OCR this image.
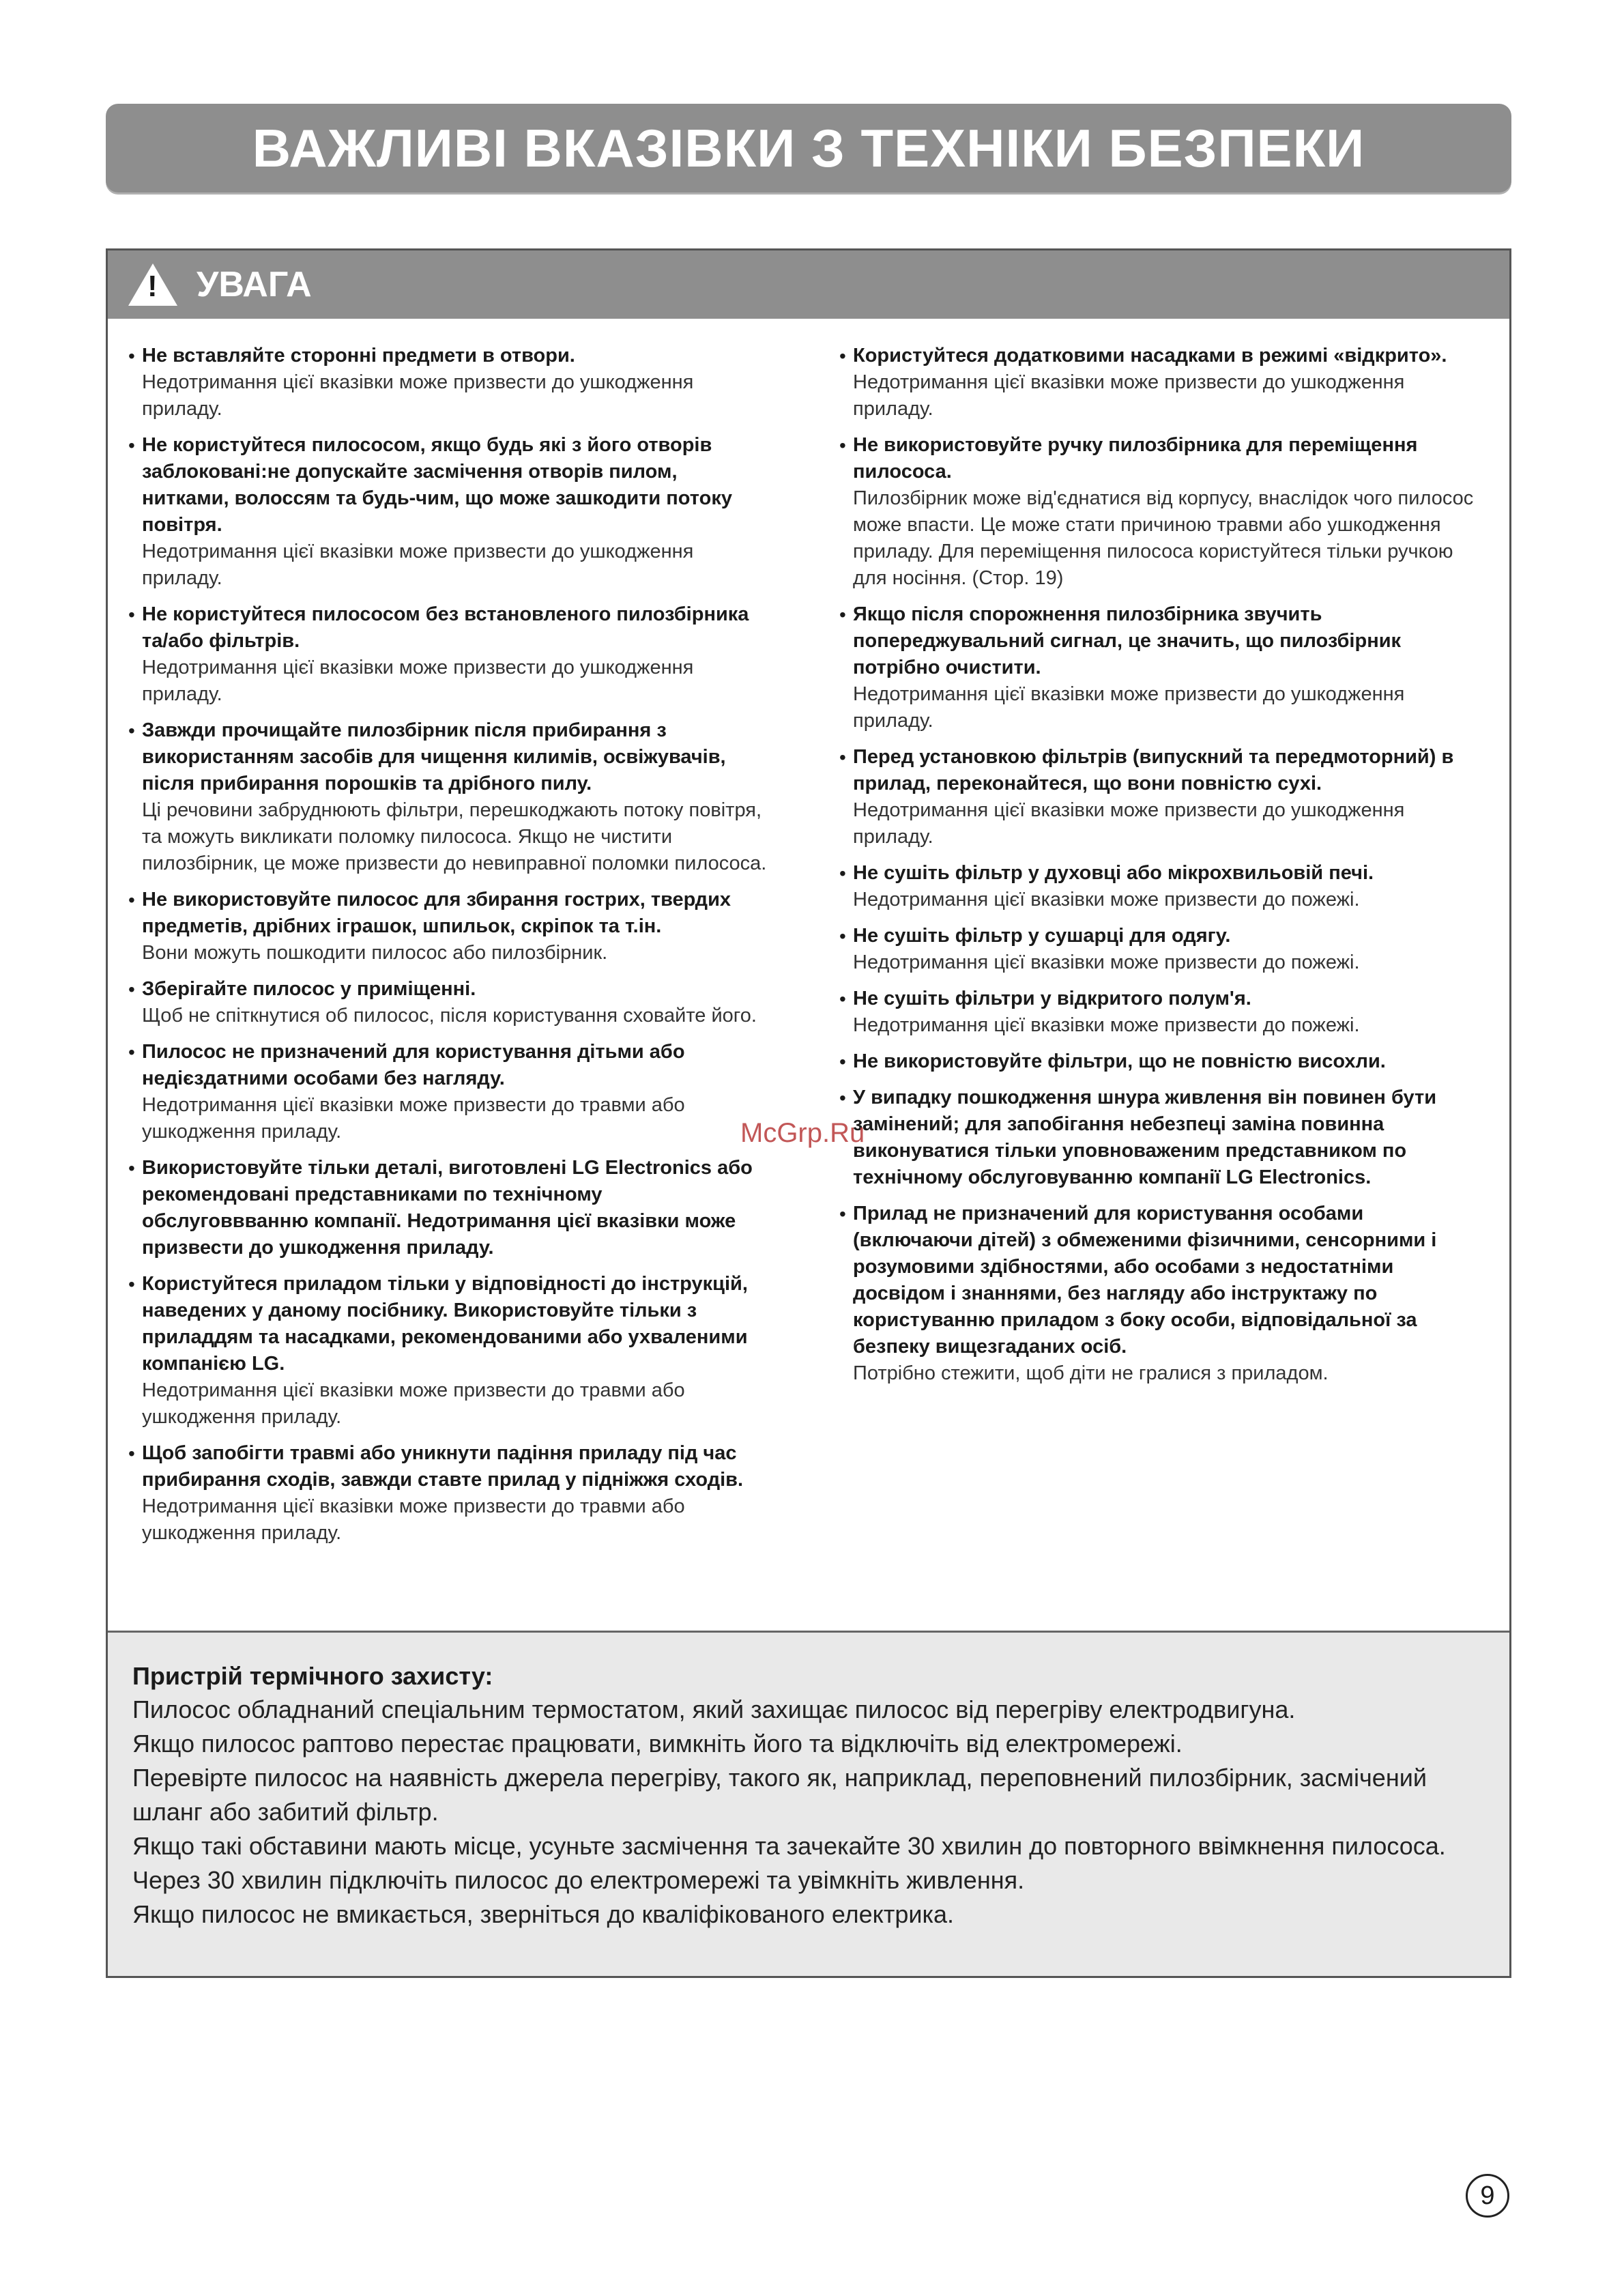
ВАЖЛИВІ ВКАЗІВКИ З ТЕХНІКИ БЕЗПЕКИ
! УВАГА
• Не вставляйте сторонні предмети в отвори.
Недотримання цієї вказівки може призвести до ушкодження приладу.
• Не користуйтеся пилососом, якщо будь які з його отворів заблоковані:не допускайте засмічення отворів пилом, нитками, волоссям та будь-чим, що може зашкодити потоку повітря.
Недотримання цієї вказівки може призвести до ушкодження приладу.
• Не користуйтеся пилососом без встановленого пилозбірника та/або фільтрів.
Недотримання цієї вказівки може призвести до ушкодження приладу.
• Завжди прочищайте пилозбірник після прибирання з використанням засобів для чищення килимів, освіжувачів, після прибирання порошків та дрібного пилу.
Ці речовини забруднюють фільтри, перешкоджають потоку повітря, та можуть викликати поломку пилососа. Якщо не чистити пилозбірник, це може призвести до невиправної поломки пилососа.
• Не використовуйте пилосос для збирання гострих, твердих предметів, дрібних іграшок, шпильок, скріпок та т.ін.
Вони можуть пошкодити пилосос або пилозбірник.
• Зберігайте пилосос у приміщенні.
Щоб не спіткнутися об пилосос, після користування сховайте його.
• Пилосос не призначений для користування дітьми або недієздатними особами без нагляду.
Недотримання цієї вказівки може призвести до травми або ушкодження приладу.
• Використовуйте тільки деталі, виготовлені LG Electronics або рекомендовані представниками по технічному обслуговвванню компанії. Недотримання цієї вказівки може призвести до ушкодження приладу.
• Користуйтеся приладом тільки у відповідності до інструкцій, наведених у даному посібнику. Використовуйте тільки з приладдям та насадками, рекомендованими або ухваленими компанією LG.
Недотримання цієї вказівки може призвести до травми або ушкодження приладу.
• Щоб запобігти травмі або уникнути падіння приладу під час прибирання сходів, завжди ставте прилад у підніжжя сходів.
Недотримання цієї вказівки може призвести до травми або ушкодження приладу.
• Користуйтеся додатковими насадками в режимі «відкрито».
Недотримання цієї вказівки може призвести до ушкодження приладу.
• Не використовуйте ручку пилозбірника для переміщення пилососа.
Пилозбірник може від'єднатися від корпусу, внаслідок чого пилосос може впасти. Це може стати причиною травми або ушкодження приладу. Для переміщення пилососа користуйтеся тільки ручкою для носіння. (Стор. 19)
• Якщо після спорожнення пилозбірника звучить попереджувальний сигнал, це значить, що пилозбірник потрібно очистити.
Недотримання цієї вказівки може призвести до ушкодження приладу.
• Перед установкою фільтрів (випускний та передмоторний) в прилад, переконайтеся, що вони повністю сухі.
Недотримання цієї вказівки може призвести до ушкодження приладу.
• Не сушіть фільтр у духовці або мікрохвильовій печі.
Недотримання цієї вказівки може призвести до пожежі.
• Не сушіть фільтр у сушарці для одягу.
Недотримання цієї вказівки може призвести до пожежі.
• Не сушіть фільтри у відкритого полум'я.
Недотримання цієї вказівки може призвести до пожежі.
• Не використовуйте фільтри, що не повністю висохли.
• У випадку пошкодження шнура живлення він повинен бути замінений; для запобігання небезпеці заміна повинна виконуватися тільки уповноваженим представником по технічному обслуговуванню компанії LG Electronics.
• Прилад не призначений для користування особами (включаючи дітей) з обмеженими фізичними, сенсорними і розумовими здібностями, або особами з недостатніми досвідом і знаннями, без нагляду або інструктажу по користуванню приладом з боку особи, відповідальної за безпеку вищезгаданих осіб.
Потрібно стежити, щоб діти не гралися з приладом.
Пристрій термічного захисту:
Пилосос обладнаний спеціальним термостатом, який захищає пилосос від перегріву електродвигуна.
Якщо пилосос раптово перестає працювати, вимкніть його та відключіть від електромережі.
Перевірте пилосос на наявність джерела перегріву, такого як, наприклад, переповнений пилозбірник, засмічений шланг або забитий фільтр.
Якщо такі обставини мають місце, усуньте засмічення та зачекайте 30 хвилин до повторного ввімкнення пилососа.
Через 30 хвилин підключіть пилосос до електромережі та увімкніть живлення.
Якщо пилосос не вмикається, зверніться до кваліфікованого електрика.
McGrp.Ru
9
